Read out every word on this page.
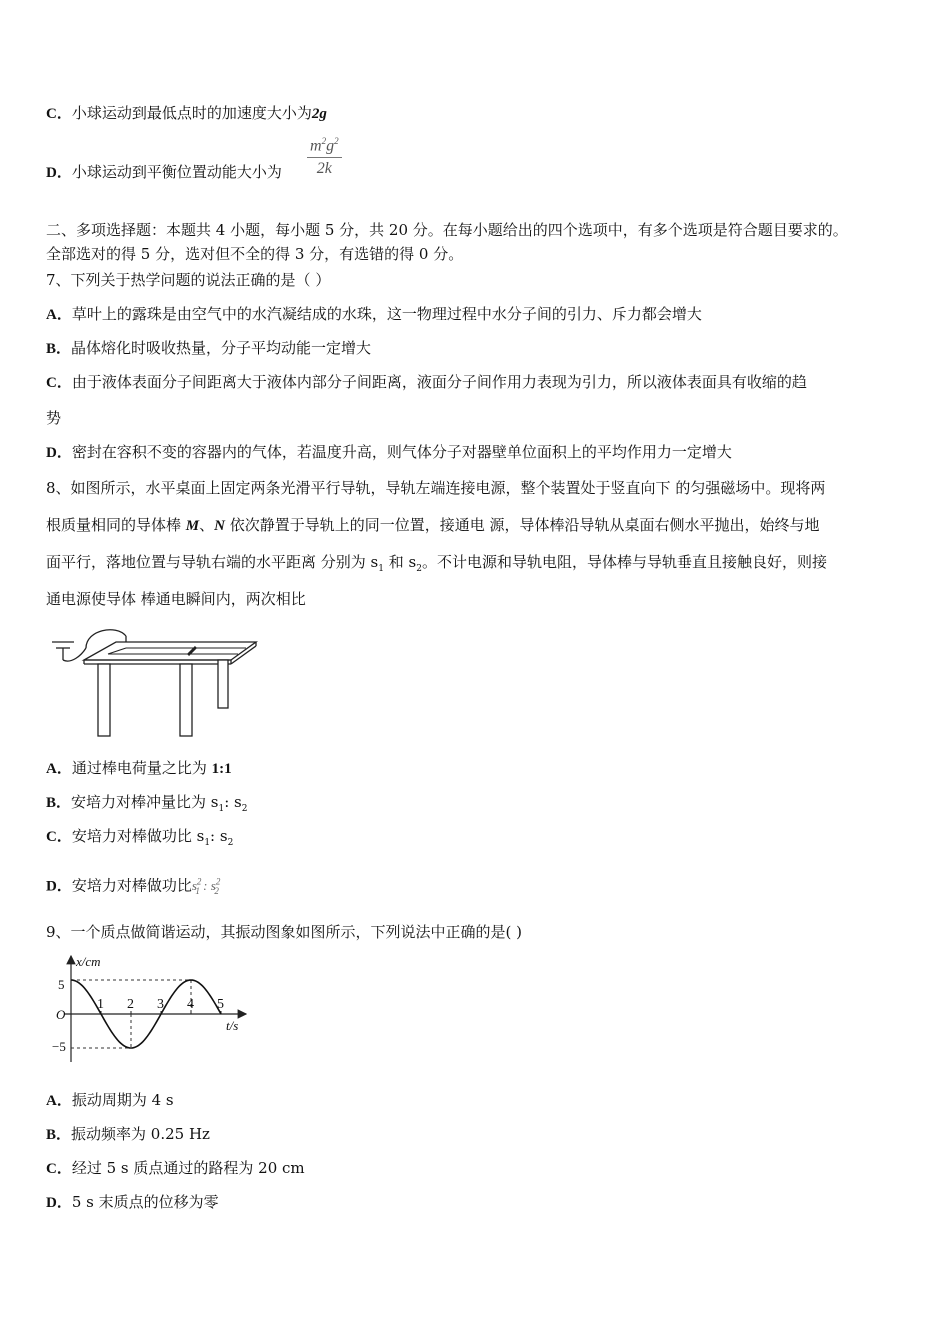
C．小球运动到最低点时的加速度大小为2g
D．小球运动到平衡位置动能大小为 $\frac{m^2g^2}{2k}$
二、多项选择题：本题共 4 小题，每小题 5 分，共 20 分。在每小题给出的四个选项中，有多个选项是符合题目要求的。
全部选对的得 5 分，选对但不全的得 3 分，有选错的得 0 分。
7、下列关于热学问题的说法正确的是（ ）
A．草叶上的露珠是由空气中的水汽凝结成的水珠，这一物理过程中水分子间的引力、斥力都会增大
B．晶体熔化时吸收热量，分子平均动能一定增大
C．由于液体表面分子间距离大于液体内部分子间距离，液面分子间作用力表现为引力，所以液体表面具有收缩的趋
势
D．密封在容积不变的容器内的气体，若温度升高，则气体分子对器壁单位面积上的平均作用力一定增大
8、如图所示，水平桌面上固定两条光滑平行导轨，导轨左端连接电源，整个装置处于竖直向下 的匀强磁场中。现将两
根质量相同的导体棒 M、N 依次静置于导轨上的同一位置，接通电 源，导体棒沿导轨从桌面右侧水平抛出，始终与地
面平行，落地位置与导轨右端的水平距离 分别为 $s_1$ 和 $s_2$。不计电源和导轨电阻，导体棒与导轨垂直且接触良好，则接
通电源使导体 棒通电瞬间内，两次相比
A．通过棒电荷量之比为 1:1
B．安培力对棒冲量比为 $s_1$: $s_2$
C．安培力对棒做功比 $s_1$: $s_2$
D．安培力对棒做功比$s^2_1$ : $s^2_2$
9、一个质点做简谐运动，其振动图象如图所示，下列说法中正确的是( )
x/cm
t/s
O
5
−5
1 2 3 4 5
A．振动周期为 4 s
B．振动频率为 0.25 Hz
C．经过 5 s 质点通过的路程为 20 cm
D．5 s 末质点的位移为零
